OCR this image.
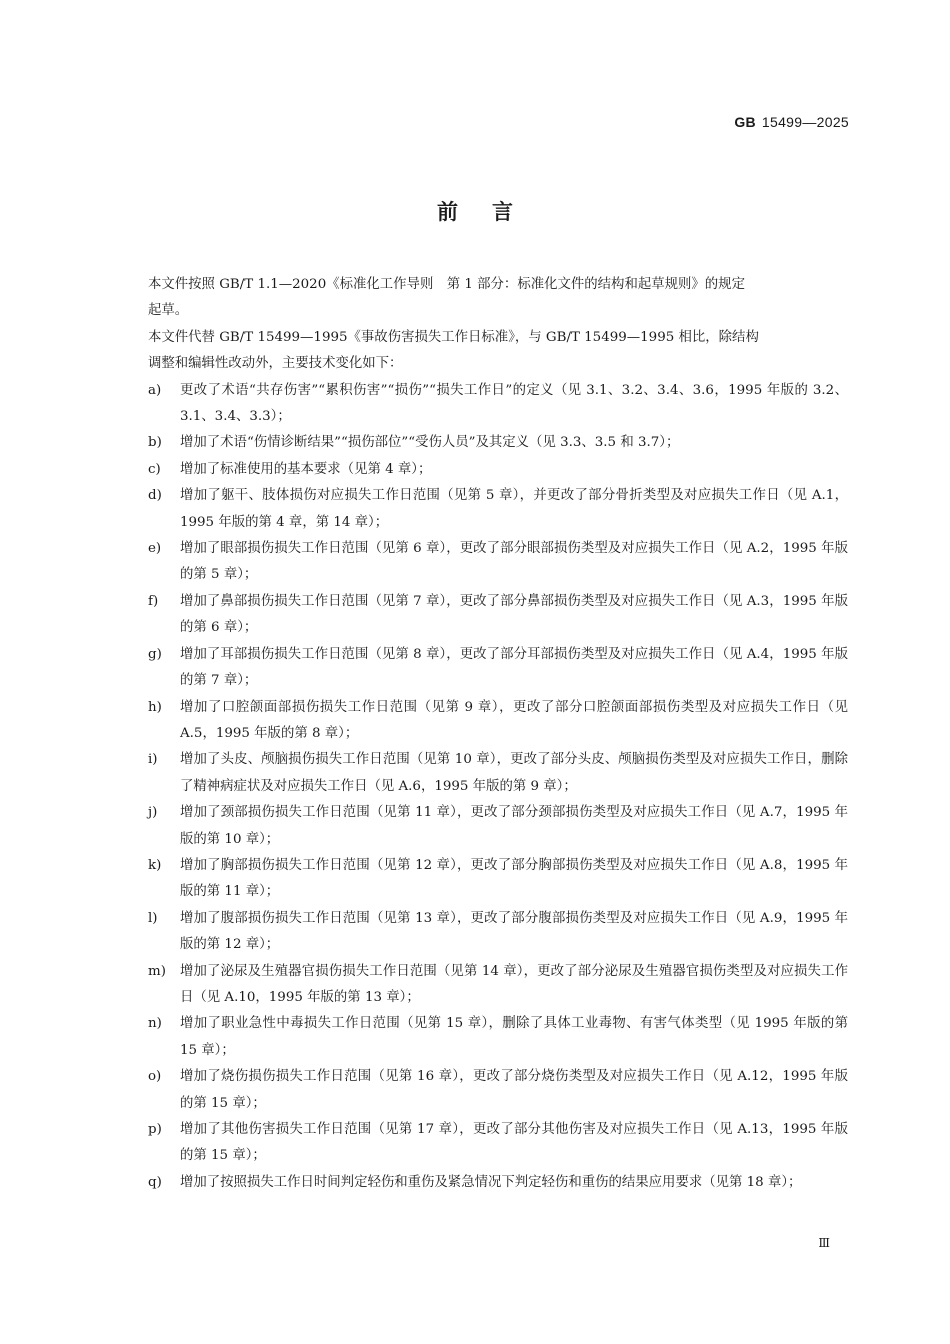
GB 15499—2025
前言

本文件按照 GB/T 1.1—2020《标准化工作导则　第 1 部分：标准化文件的结构和起草规则》的规定
起草。

本文件代替 GB/T 15499—1995《事故伤害损失工作日标准》，与 GB/T 15499—1995 相比，除结构
调整和编辑性改动外，主要技术变化如下：

a)	更改了术语“共存伤害”“累积伤害”“损伤”“损失工作日”的定义（见 3.1、3.2、3.4、3.6，1995 年版的 3.2、3.1、3.4、3.3）；
b)	增加了术语“伤情诊断结果”“损伤部位”“受伤人员”及其定义（见 3.3、3.5 和 3.7）；
c)	增加了标准使用的基本要求（见第 4 章）；
d)	增加了躯干、肢体损伤对应损失工作日范围（见第 5 章），并更改了部分骨折类型及对应损失工作日（见 A.1，1995 年版的第 4 章，第 14 章）；
e)	增加了眼部损伤损失工作日范围（见第 6 章），更改了部分眼部损伤类型及对应损失工作日（见 A.2，1995 年版的第 5 章）；
f)	增加了鼻部损伤损失工作日范围（见第 7 章），更改了部分鼻部损伤类型及对应损失工作日（见 A.3，1995 年版的第 6 章）；
g)	增加了耳部损伤损失工作日范围（见第 8 章），更改了部分耳部损伤类型及对应损失工作日（见 A.4，1995 年版的第 7 章）；
h)	增加了口腔颌面部损伤损失工作日范围（见第 9 章），更改了部分口腔颌面部损伤类型及对应损失工作日（见 A.5，1995 年版的第 8 章）；
i)	增加了头皮、颅脑损伤损失工作日范围（见第 10 章），更改了部分头皮、颅脑损伤类型及对应损失工作日，删除了精神病症状及对应损失工作日（见 A.6，1995 年版的第 9 章）；
j)	增加了颈部损伤损失工作日范围（见第 11 章），更改了部分颈部损伤类型及对应损失工作日（见 A.7，1995 年版的第 10 章）；
k)	增加了胸部损伤损失工作日范围（见第 12 章），更改了部分胸部损伤类型及对应损失工作日（见 A.8，1995 年版的第 11 章）；
l)	增加了腹部损伤损失工作日范围（见第 13 章），更改了部分腹部损伤类型及对应损失工作日（见 A.9，1995 年版的第 12 章）；
m)	增加了泌尿及生殖器官损伤损失工作日范围（见第 14 章），更改了部分泌尿及生殖器官损伤类型及对应损失工作日（见 A.10，1995 年版的第 13 章）；
n)	增加了职业急性中毒损失工作日范围（见第 15 章），删除了具体工业毒物、有害气体类型（见 1995 年版的第 15 章）；
o)	增加了烧伤损伤损失工作日范围（见第 16 章），更改了部分烧伤类型及对应损失工作日（见 A.12，1995 年版的第 15 章）；
p)	增加了其他伤害损失工作日范围（见第 17 章），更改了部分其他伤害及对应损失工作日（见 A.13，1995 年版的第 15 章）；
q)	增加了按照损失工作日时间判定轻伤和重伤及紧急情况下判定轻伤和重伤的结果应用要求（见第 18 章）；
Ⅲ
